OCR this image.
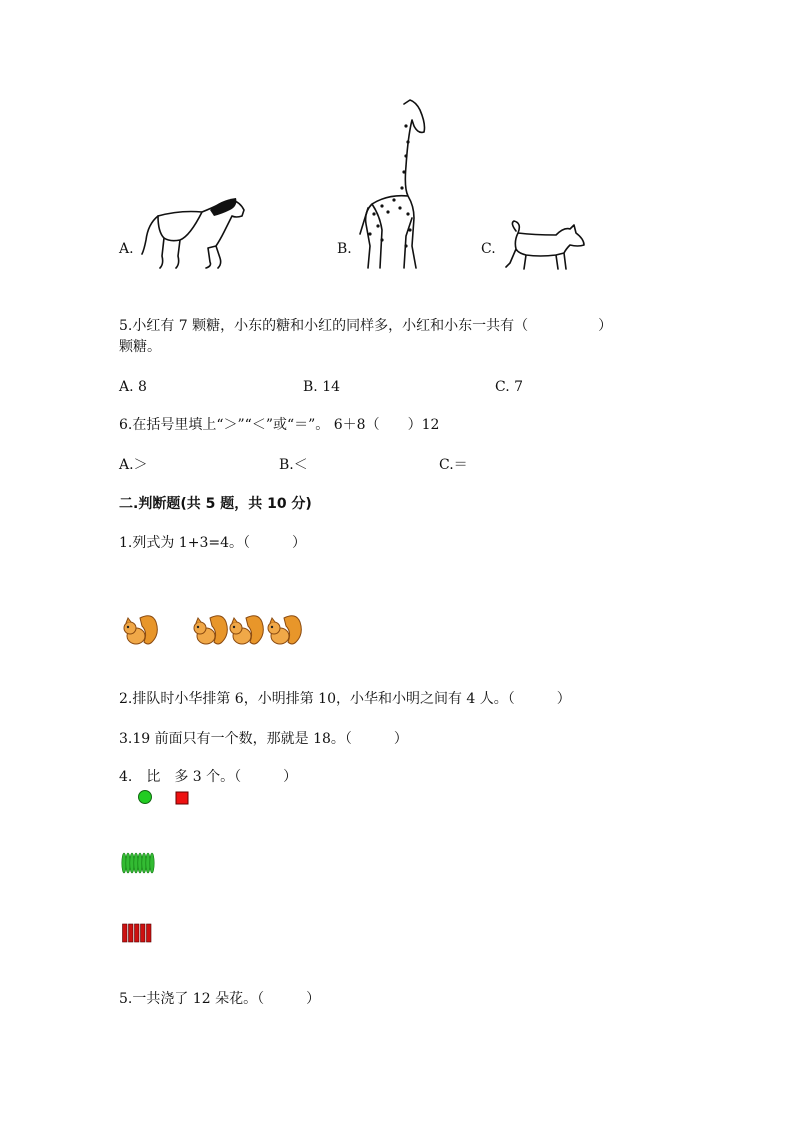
A.	B.	C.
5.小红有 7 颗糖，小东的糖和小红的同样多，小红和小东一共有（　　　　　）
颗糖。
A. 8	B. 14	C. 7
6.在括号里填上“＞”“＜”或“＝”。 6＋8（　　）12
A.＞	B.＜	C.＝
二.判断题(共 5 题，共 10 分)
1.列式为 1+3=4。（　　　）
2.排队时小华排第 6，小明排第 10，小华和小明之间有 4 人。（　　　）
3.19 前面只有一个数，那就是 18。（　　　）
4.　比　多 3 个。（　　　）
5.一共浇了 12 朵花。（　　　）
